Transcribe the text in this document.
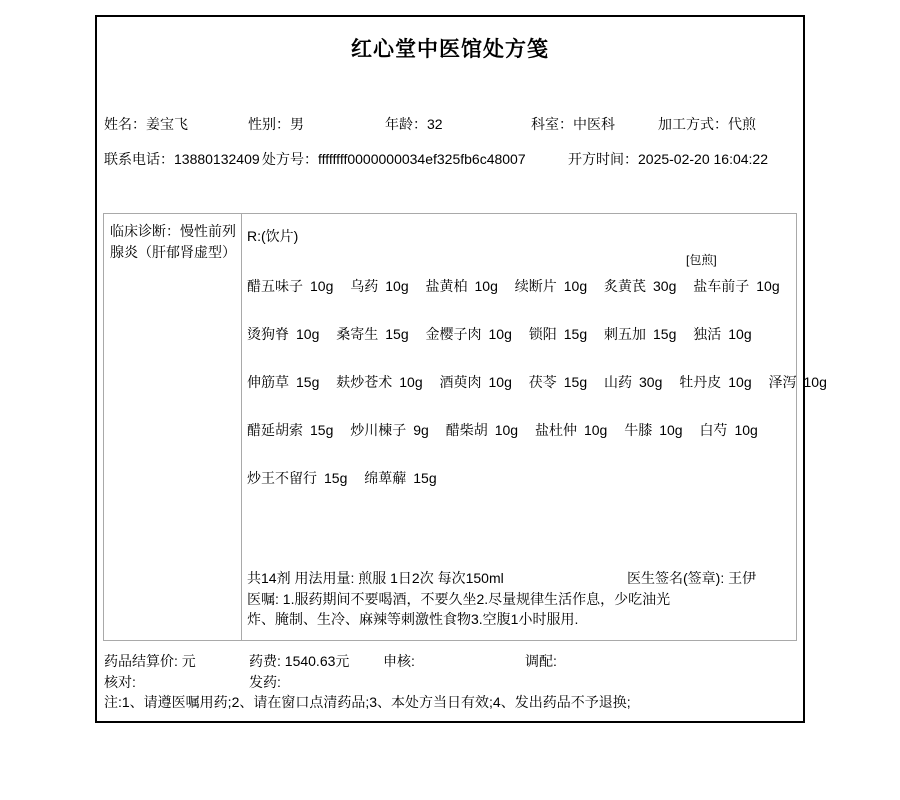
红心堂中医馆处方笺
姓名：姜宝飞	性别：男	年龄：32	科室：中医科	加工方式：代煎
联系电话：13880132409 处方号：ffffffff0000000034ef325fb6c48007	开方时间：2025-02-20 16:04:22
临床诊断：慢性前列腺炎（肝郁肾虚型）
R:(饮片)
[包煎]
醋五味子 10g 乌药 10g 盐黄柏 10g 续断片 10g 炙黄芪 30g 盐车前子 10g
烫狗脊 10g 桑寄生 15g 金樱子肉 10g 锁阳 15g 刺五加 15g 独活 10g
伸筋草 15g 麸炒苍术 10g 酒萸肉 10g 茯苓 15g 山药 30g 牡丹皮 10g 泽泻 10g
醋延胡索 15g 炒川楝子 9g 醋柴胡 10g 盐杜仲 10g 牛膝 10g 白芍 10g
炒王不留行 15g 绵萆薢 15g
共14剂 用法用量: 煎服 1日2次 每次150ml	医生签名(签章): 王伊
医嘱: 1.服药期间不要喝酒，不要久坐2.尽量规律生活作息，少吃油光
炸、腌制、生冷、麻辣等刺激性食物3.空腹1小时服用.
药品结算价: 元	药费: 1540.63元 申核:	调配:
核对:	发药:
注:1、请遵医嘱用药;2、请在窗口点清药品;3、本处方当日有效;4、发出药品不予退换;
